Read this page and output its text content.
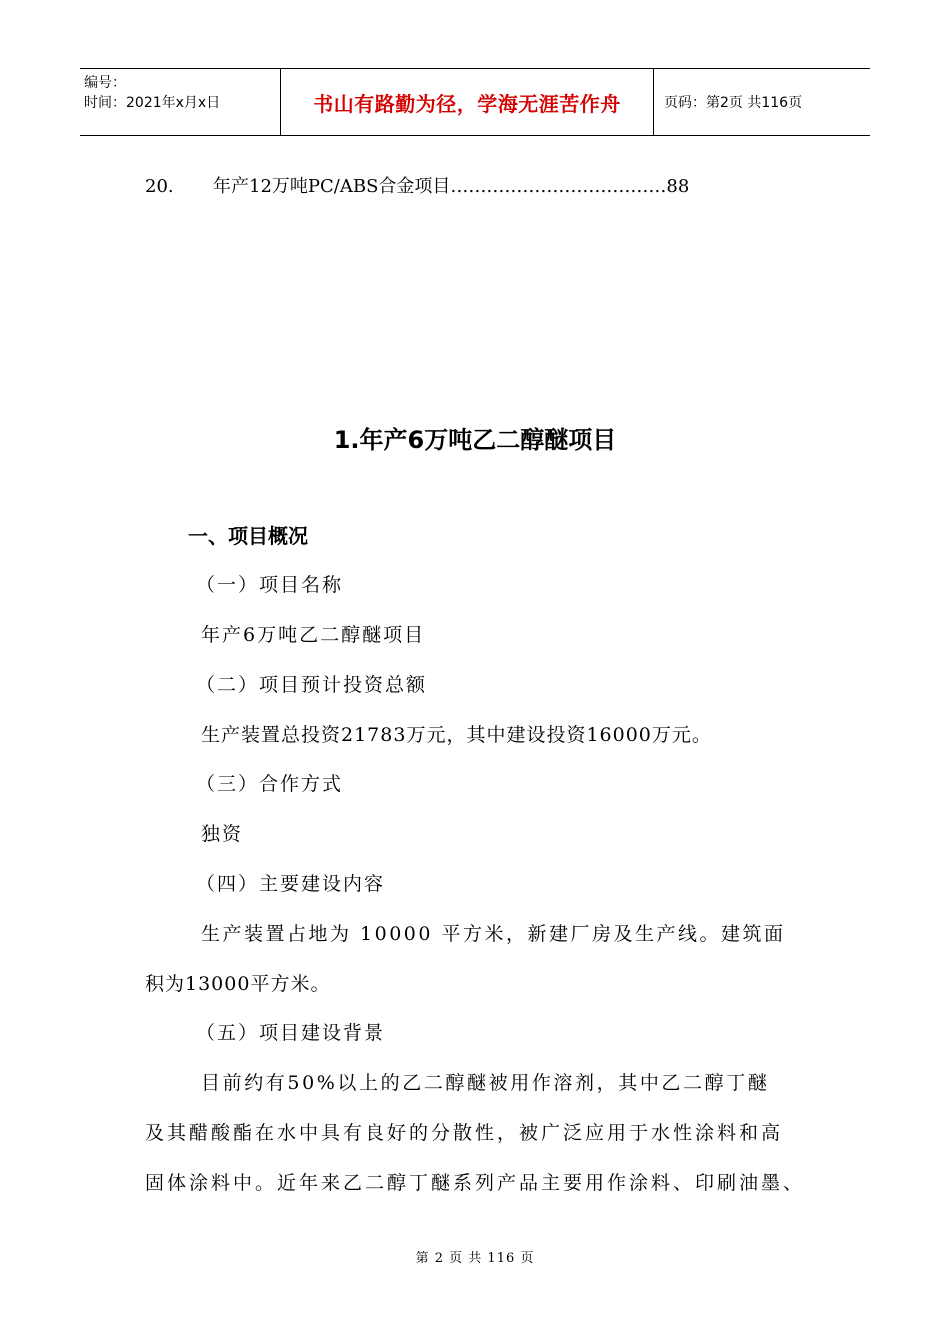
编号：
时间：2021年x月x日	书山有路勤为径，学海无涯苦作舟	页码：第2页 共116页
20. 年产12万吨PC/ABS合金项目………………………………88
1.年产6万吨乙二醇醚项目
一、项目概况
（一）项目名称
年产6万吨乙二醇醚项目
（二）项目预计投资总额
生产装置总投资21783万元，其中建设投资16000万元。
（三）合作方式
独资
（四）主要建设内容
生产装置占地为 10000 平方米，新建厂房及生产线。建筑面
积为13000平方米。
（五）项目建设背景
目前约有50%以上的乙二醇醚被用作溶剂，其中乙二醇丁醚
及其醋酸酯在水中具有良好的分散性，被广泛应用于水性涂料和高
固体涂料中。近年来乙二醇丁醚系列产品主要用作涂料、印刷油墨、
第 2 页 共 116 页
